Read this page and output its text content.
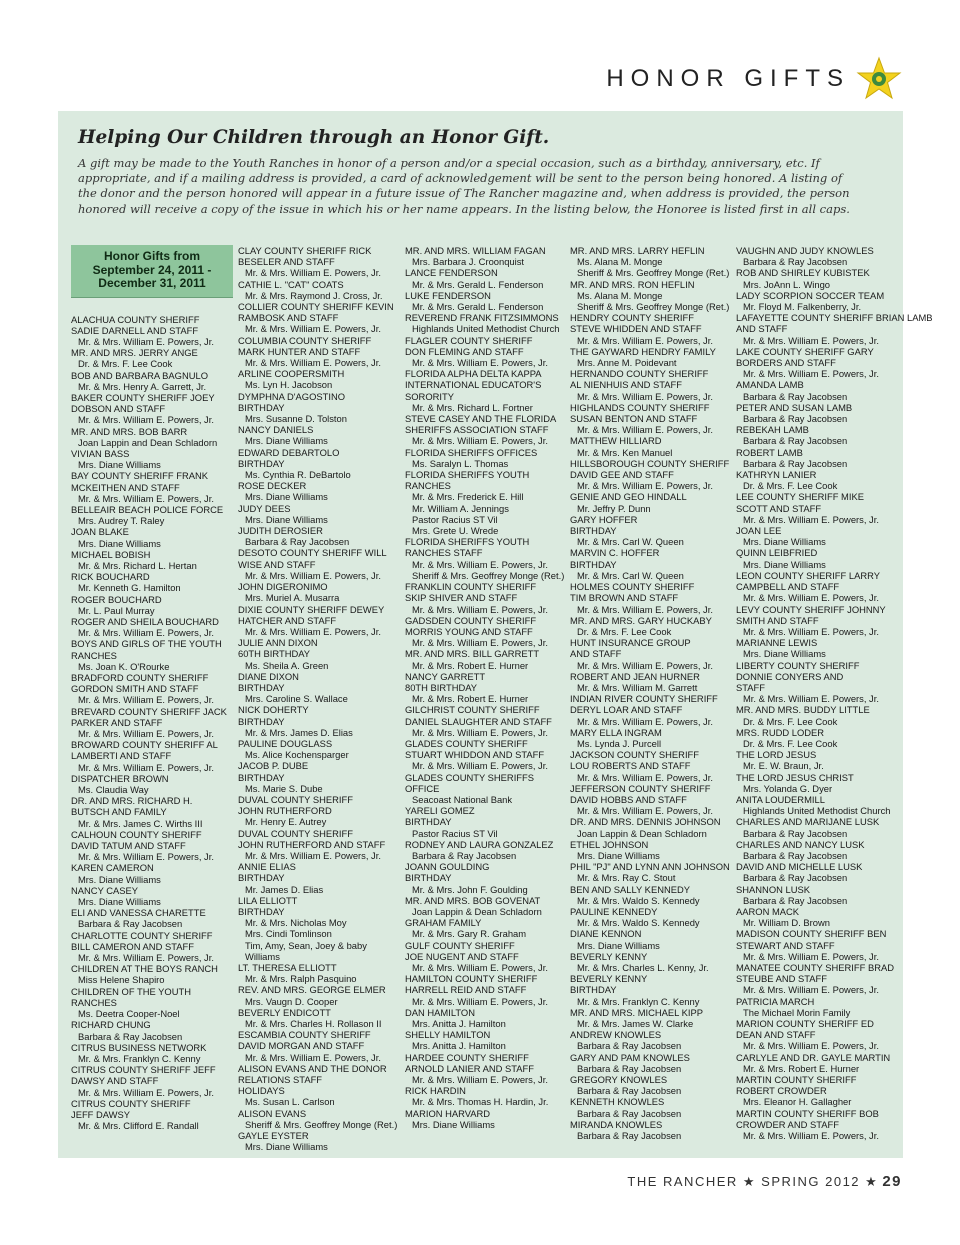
HONOR GIFTS
Helping Our Children through an Honor Gift.
A gift may be made to the Youth Ranches in honor of a person and/or a special occasion, such as a birthday, anniversary, etc. If appropriate, and if a mailing address is provided, a card of acknowledgement will be sent to the person being honored. A listing of the donor and the person honored will appear in a future issue of The Rancher magazine and, when address is provided, the person honored will receive a copy of the issue in which his or her name appears. In the listing below, the Honoree is listed first in all caps.
Honor Gifts from September 24, 2011 - December 31, 2011
ALACHUA COUNTY SHERIFF
SADIE DARNELL AND STAFF
Mr. & Mrs. William E. Powers, Jr.
MR. AND MRS. JERRY ANGE
Dr. & Mrs. F. Lee Cook
BOB AND BARBARA BAGNULO
Mr. & Mrs. Henry A. Garrett, Jr.
BAKER COUNTY SHERIFF JOEY
DOBSON AND STAFF
Mr. & Mrs. William E. Powers, Jr.
MR. AND MRS. BOB BARR
Joan Lappin and Dean Schladorn
VIVIAN BASS
Mrs. Diane Williams
BAY COUNTY SHERIFF FRANK
MCKEITHEN AND STAFF
Mr. & Mrs. William E. Powers, Jr.
BELLEAIR BEACH POLICE FORCE
Mrs. Audrey T. Raley
JOAN BLAKE
Mrs. Diane Williams
MICHAEL BOBISH
Mr. & Mrs. Richard L. Hertan
RICK BOUCHARD
Mr. Kenneth G. Hamilton
ROGER BOUCHARD
Mr. L. Paul Murray
ROGER AND SHEILA BOUCHARD
Mr. & Mrs. William E. Powers, Jr.
BOYS AND GIRLS OF THE YOUTH
RANCHES
Ms. Joan K. O'Rourke
BRADFORD COUNTY SHERIFF
GORDON SMITH AND STAFF
Mr. & Mrs. William E. Powers, Jr.
BREVARD COUNTY SHERIFF JACK
PARKER AND STAFF
Mr. & Mrs. William E. Powers, Jr.
BROWARD COUNTY SHERIFF AL
LAMBERTI AND STAFF
Mr. & Mrs. William E. Powers, Jr.
DISPATCHER BROWN
Ms. Claudia Way
DR. AND MRS. RICHARD H.
BUTSCH AND FAMILY
Mr. & Mrs. James C. Wirths III
CALHOUN COUNTY SHERIFF
DAVID TATUM AND STAFF
Mr. & Mrs. William E. Powers, Jr.
KAREN CAMERON
Mrs. Diane Williams
NANCY CASEY
Mrs. Diane Williams
ELI AND VANESSA CHARETTE
Barbara & Ray Jacobsen
CHARLOTTE COUNTY SHERIFF
BILL CAMERON AND STAFF
Mr. & Mrs. William E. Powers, Jr.
CHILDREN AT THE BOYS RANCH
Miss Helene Shapiro
CHILDREN OF THE YOUTH
RANCHES
Ms. Deetra Cooper-Noel
RICHARD CHUNG
Barbara & Ray Jacobsen
CITRUS BUSINESS NETWORK
Mr. & Mrs. Franklyn C. Kenny
CITRUS COUNTY SHERIFF JEFF
DAWSY AND STAFF
Mr. & Mrs. William E. Powers, Jr.
CITRUS COUNTY SHERIFF
JEFF DAWSY
Mr. & Mrs. Clifford E. Randall
CLAY COUNTY SHERIFF RICK
BESELER AND STAFF
Mr. & Mrs. William E. Powers, Jr.
CATHIE L. "CAT" COATS
Mr. & Mrs. Raymond J. Cross, Jr.
COLLIER COUNTY SHERIFF KEVIN
RAMBOSK AND STAFF
Mr. & Mrs. William E. Powers, Jr.
COLUMBIA COUNTY SHERIFF
MARK HUNTER AND STAFF
Mr. & Mrs. William E. Powers, Jr.
ARLINE COOPERSMITH
Ms. Lyn H. Jacobson
DYMPHNA D'AGOSTINO
BIRTHDAY
Mrs. Susanne D. Tolston
NANCY DANIELS
Mrs. Diane Williams
EDWARD DEBARTOLO
BIRTHDAY
Ms. Cynthia R. DeBartolo
ROSE DECKER
Mrs. Diane Williams
JUDY DEES
Mrs. Diane Williams
JUDITH DEROSIER
Barbara & Ray Jacobsen
DESOTO COUNTY SHERIFF WILL
WISE AND STAFF
Mr. & Mrs. William E. Powers, Jr.
JOHN DIGERONIMO
Mrs. Muriel A. Musarra
DIXIE COUNTY SHERIFF DEWEY
HATCHER AND STAFF
Mr. & Mrs. William E. Powers, Jr.
JULIE ANN DIXON
60TH BIRTHDAY
Ms. Sheila A. Green
DIANE DIXON
BIRTHDAY
Mrs. Caroline S. Wallace
NICK DOHERTY
BIRTHDAY
Mr. & Mrs. James D. Elias
PAULINE DOUGLASS
Ms. Alice Kochensparger
JACOB P. DUBE
BIRTHDAY
Ms. Marie S. Dube
DUVAL COUNTY SHERIFF
JOHN RUTHERFORD
Mr. Henry E. Autrey
DUVAL COUNTY SHERIFF
JOHN RUTHERFORD AND STAFF
Mr. & Mrs. William E. Powers, Jr.
ANNIE ELIAS
BIRTHDAY
Mr. James D. Elias
LILA ELLIOTT
BIRTHDAY
Mr. & Mrs. Nicholas Moy
Mrs. Cindi Tomlinson
Tim, Amy, Sean, Joey & baby
Williams
LT. THERESA ELLIOTT
Mr. & Mrs. Ralph Pasquino
REV. AND MRS. GEORGE ELMER
Mrs. Vaugn D. Cooper
BEVERLY ENDICOTT
Mr. & Mrs. Charles H. Rollason II
ESCAMBIA COUNTY SHERIFF
DAVID MORGAN AND STAFF
Mr. & Mrs. William E. Powers, Jr.
ALISON EVANS AND THE DONOR
RELATIONS STAFF
HOLIDAYS
Ms. Susan L. Carlson
ALISON EVANS
Sheriff & Mrs. Geoffrey Monge (Ret.)
GAYLE EYSTER
Mrs. Diane Williams
MR. AND MRS. WILLIAM FAGAN
Mrs. Barbara J. Croonquist
LANCE FENDERSON
Mr. & Mrs. Gerald L. Fenderson
LUKE FENDERSON
Mr. & Mrs. Gerald L. Fenderson
REVEREND FRANK FITZSIMMONS
Highlands United Methodist Church
FLAGLER COUNTY SHERIFF
DON FLEMING AND STAFF
Mr. & Mrs. William E. Powers, Jr.
FLORIDA ALPHA DELTA KAPPA
INTERNATIONAL EDUCATOR'S
SORORITY
Mr. & Mrs. Richard L. Fortner
STEVE CASEY AND THE FLORIDA
SHERIFFS ASSOCIATION STAFF
Mr. & Mrs. William E. Powers, Jr.
FLORIDA SHERIFFS OFFICES
Ms. Saralyn L. Thomas
FLORIDA SHERIFFS YOUTH
RANCHES
Mr. & Mrs. Frederick E. Hill
Mr. William A. Jennings
Pastor Racius ST Vil
Mrs. Grete U. Wrede
FLORIDA SHERIFFS YOUTH
RANCHES STAFF
Mr. & Mrs. William E. Powers, Jr.
Sheriff & Mrs. Geoffrey Monge (Ret.)
FRANKLIN COUNTY SHERIFF
SKIP SHIVER AND STAFF
Mr. & Mrs. William E. Powers, Jr.
GADSDEN COUNTY SHERIFF
MORRIS YOUNG AND STAFF
Mr. & Mrs. William E. Powers, Jr.
MR. AND MRS. BILL GARRETT
Mr. & Mrs. Robert E. Hurner
NANCY GARRETT
80TH BIRTHDAY
Mr. & Mrs. Robert E. Hurner
GILCHRIST COUNTY SHERIFF
DANIEL SLAUGHTER AND STAFF
Mr. & Mrs. William E. Powers, Jr.
GLADES COUNTY SHERIFF
STUART WHIDDON AND STAFF
Mr. & Mrs. William E. Powers, Jr.
GLADES COUNTY SHERIFFS
OFFICE
Seacoast National Bank
YARELI GOMEZ
BIRTHDAY
Pastor Racius ST Vil
RODNEY AND LAURA GONZALEZ
Barbara & Ray Jacobsen
JOANN GOULDING
BIRTHDAY
Mr. & Mrs. John F. Goulding
MR. AND MRS. BOB GOVENAT
Joan Lappin & Dean Schladorn
GRAHAM FAMILY
Mr. & Mrs. Gary R. Graham
GULF COUNTY SHERIFF
JOE NUGENT AND STAFF
Mr. & Mrs. William E. Powers, Jr.
HAMILTON COUNTY SHERIFF
HARRELL REID AND STAFF
Mr. & Mrs. William E. Powers, Jr.
DAN HAMILTON
Mrs. Anitta J. Hamilton
SHELLY HAMILTON
Mrs. Anitta J. Hamilton
HARDEE COUNTY SHERIFF
ARNOLD LANIER AND STAFF
Mr. & Mrs. William E. Powers, Jr.
RICK HARDIN
Mr. & Mrs. Thomas H. Hardin, Jr.
MARION HARVARD
Mrs. Diane Williams
MR. AND MRS. LARRY HEFLIN
Ms. Alana M. Monge
Sheriff & Mrs. Geoffrey Monge (Ret.)
MR. AND MRS. RON HEFLIN
Ms. Alana M. Monge
Sheriff & Mrs. Geoffrey Monge (Ret.)
HENDRY COUNTY SHERIFF
STEVE WHIDDEN AND STAFF
Mr. & Mrs. William E. Powers, Jr.
THE GAYWARD HENDRY FAMILY
Mrs. Anne M. Poidevant
HERNANDO COUNTY SHERIFF
AL NIENHUIS AND STAFF
Mr. & Mrs. William E. Powers, Jr.
HIGHLANDS COUNTY SHERIFF
SUSAN BENTON AND STAFF
Mr. & Mrs. William E. Powers, Jr.
MATTHEW HILLIARD
Mr. & Mrs. Ken Manuel
HILLSBOROUGH COUNTY SHERIFF
DAVID GEE AND STAFF
Mr. & Mrs. William E. Powers, Jr.
GENIE AND GEO HINDALL
Mr. Jeffry P. Dunn
GARY HOFFER
BIRTHDAY
Mr. & Mrs. Carl W. Queen
MARVIN C. HOFFER
BIRTHDAY
Mr. & Mrs. Carl W. Queen
HOLMES COUNTY SHERIFF
TIM BROWN AND STAFF
Mr. & Mrs. William E. Powers, Jr.
MR. AND MRS. GARY HUCKABY
Dr. & Mrs. F. Lee Cook
HUNT INSURANCE GROUP
AND STAFF
Mr. & Mrs. William E. Powers, Jr.
ROBERT AND JEAN HURNER
Mr. & Mrs. William M. Garrett
INDIAN RIVER COUNTY SHERIFF
DERYL LOAR AND STAFF
Mr. & Mrs. William E. Powers, Jr.
MARY ELLA INGRAM
Ms. Lynda J. Purcell
JACKSON COUNTY SHERIFF
LOU ROBERTS AND STAFF
Mr. & Mrs. William E. Powers, Jr.
JEFFERSON COUNTY SHERIFF
DAVID HOBBS AND STAFF
Mr. & Mrs. William E. Powers, Jr.
DR. AND MRS. DENNIS JOHNSON
Joan Lappin & Dean Schladorn
ETHEL JOHNSON
Mrs. Diane Williams
PHIL "PJ" AND LYNN ANN JOHNSON
Mr. & Mrs. Ray C. Stout
BEN AND SALLY KENNEDY
Mr. & Mrs. Waldo S. Kennedy
PAULINE KENNEDY
Mr. & Mrs. Waldo S. Kennedy
DIANE KENNON
Mrs. Diane Williams
BEVERLY KENNY
Mr. & Mrs. Charles L. Kenny, Jr.
BEVERLY KENNY
BIRTHDAY
Mr. & Mrs. Franklyn C. Kenny
MR. AND MRS. MICHAEL KIPP
Mr. & Mrs. James W. Clarke
ANDREW KNOWLES
Barbara & Ray Jacobsen
GARY AND PAM KNOWLES
Barbara & Ray Jacobsen
GREGORY KNOWLES
Barbara & Ray Jacobsen
KENNETH KNOWLES
Barbara & Ray Jacobsen
MIRANDA KNOWLES
Barbara & Ray Jacobsen
VAUGHN AND JUDY KNOWLES
Barbara & Ray Jacobsen
ROB AND SHIRLEY KUBISTEK
Mrs. JoAnn L. Wingo
LADY SCORPION SOCCER TEAM
Mr. Floyd M. Falkenberry, Jr.
LAFAYETTE COUNTY SHERIFF BRIAN LAMB
AND STAFF
Mr. & Mrs. William E. Powers, Jr.
LAKE COUNTY SHERIFF GARY
BORDERS AND STAFF
Mr. & Mrs. William E. Powers, Jr.
AMANDA LAMB
Barbara & Ray Jacobsen
PETER AND SUSAN LAMB
Barbara & Ray Jacobsen
REBEKAH LAMB
Barbara & Ray Jacobsen
ROBERT LAMB
Barbara & Ray Jacobsen
KATHRYN LANIER
Dr. & Mrs. F. Lee Cook
LEE COUNTY SHERIFF MIKE
SCOTT AND STAFF
Mr. & Mrs. William E. Powers, Jr.
JOAN LEE
Mrs. Diane Williams
QUINN LEIBFRIED
Mrs. Diane Williams
LEON COUNTY SHERIFF LARRY
CAMPBELL AND STAFF
Mr. & Mrs. William E. Powers, Jr.
LEVY COUNTY SHERIFF JOHNNY
SMITH AND STAFF
Mr. & Mrs. William E. Powers, Jr.
MARIANNE LEWIS
Mrs. Diane Williams
LIBERTY COUNTY SHERIFF
DONNIE CONYERS AND
STAFF
Mr. & Mrs. William E. Powers, Jr.
MR. AND MRS. BUDDY LITTLE
Dr. & Mrs. F. Lee Cook
MRS. RUDD LODER
Dr. & Mrs. F. Lee Cook
THE LORD JESUS
Mr. E. W. Braun, Jr.
THE LORD JESUS CHRIST
Mrs. Yolanda G. Dyer
ANITA LOUDERMILL
Highlands United Methodist Church
CHARLES AND MARIJANE LUSK
Barbara & Ray Jacobsen
CHARLES AND NANCY LUSK
Barbara & Ray Jacobsen
DAVID AND MICHELLE LUSK
Barbara & Ray Jacobsen
SHANNON LUSK
Barbara & Ray Jacobsen
AARON MACK
Mr. William D. Brown
MADISON COUNTY SHERIFF BEN
STEWART AND STAFF
Mr. & Mrs. William E. Powers, Jr.
MANATEE COUNTY SHERIFF BRAD
STEUBE AND STAFF
Mr. & Mrs. William E. Powers, Jr.
PATRICIA MARCH
The Michael Morin Family
MARION COUNTY SHERIFF ED
DEAN AND STAFF
Mr. & Mrs. William E. Powers, Jr.
CARLYLE AND DR. GAYLE MARTIN
Mr. & Mrs. Robert E. Hurner
MARTIN COUNTY SHERIFF
ROBERT CROWDER
Mrs. Eleanor H. Gallagher
MARTIN COUNTY SHERIFF BOB
CROWDER AND STAFF
Mr. & Mrs. William E. Powers, Jr.
THE RANCHER ★ SPRING 2012 ★ 29
